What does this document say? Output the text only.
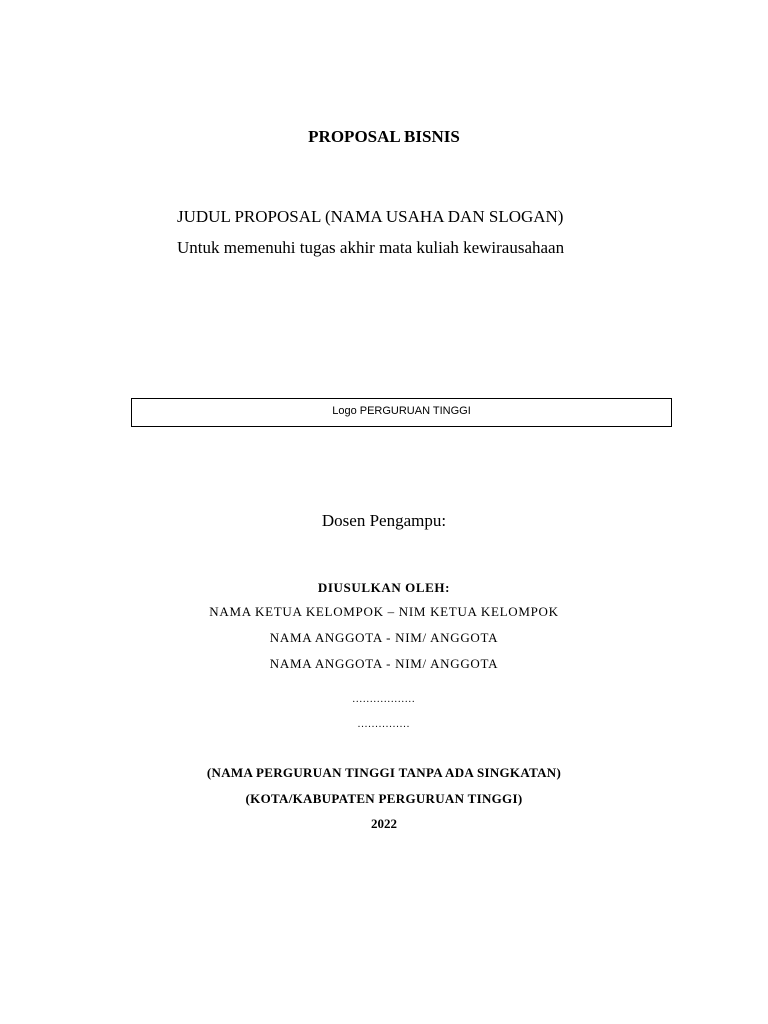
PROPOSAL BISNIS
JUDUL PROPOSAL (NAMA USAHA DAN SLOGAN)
Untuk memenuhi tugas akhir mata kuliah kewirausahaan
Logo PERGURUAN TINGGI
Dosen Pengampu:
DIUSULKAN OLEH:
NAMA KETUA KELOMPOK – NIM KETUA KELOMPOK
NAMA ANGGOTA - NIM/ ANGGOTA
NAMA ANGGOTA - NIM/ ANGGOTA
..................
...............
(NAMA PERGURUAN TINGGI TANPA ADA SINGKATAN)
(KOTA/KABUPATEN PERGURUAN TINGGI)
2022
